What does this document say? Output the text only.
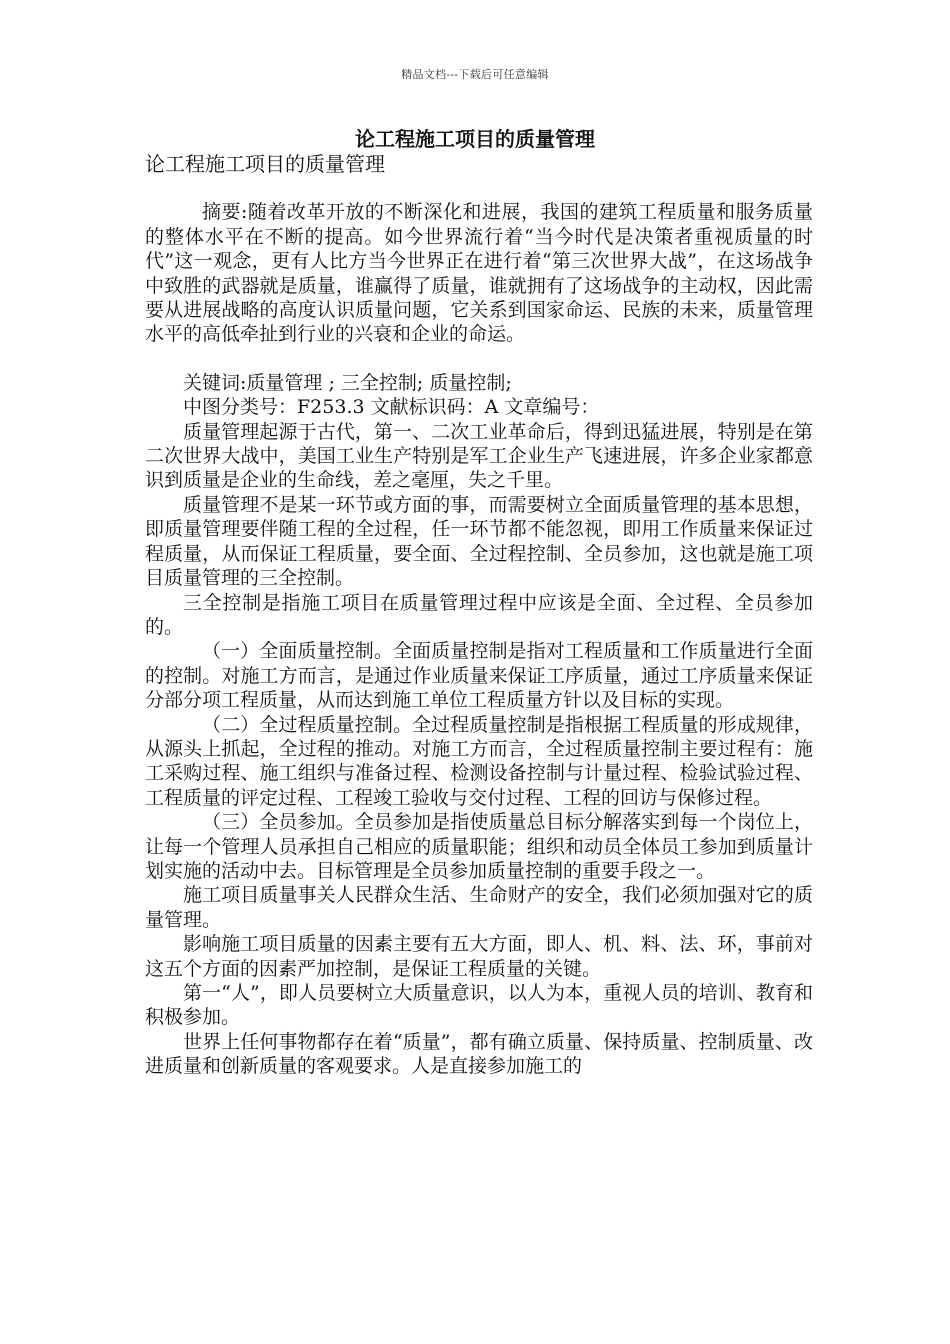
精品文档---下载后可任意编辑
论工程施工项目的质量管理

论工程施工项目的质量管理

摘要:随着改革开放的不断深化和进展，我国的建筑工程质量和服务质量的整体水平在不断的提高。如今世界流行着“当今时代是决策者重视质量的时代”这一观念，更有人比方当今世界正在进行着“第三次世界大战”，在这场战争中致胜的武器就是质量，谁赢得了质量，谁就拥有了这场战争的主动权，因此需要从进展战略的高度认识质量问题，它关系到国家命运、民族的未来，质量管理水平的高低牵扯到行业的兴衰和企业的命运。

关键词:质量管理 ; 三全控制; 质量控制;

中图分类号：F253.3 文献标识码：A 文章编号：

质量管理起源于古代，第一、二次工业革命后，得到迅猛进展，特别是在第二次世界大战中，美国工业生产特别是军工企业生产飞速进展，许多企业家都意识到质量是企业的生命线，差之毫厘，失之千里。

质量管理不是某一环节或方面的事，而需要树立全面质量管理的基本思想，即质量管理要伴随工程的全过程，任一环节都不能忽视，即用工作质量来保证过程质量，从而保证工程质量，要全面、全过程控制、全员参加，这也就是施工项目质量管理的三全控制。

三全控制是指施工项目在质量管理过程中应该是全面、全过程、全员参加的。

（一）全面质量控制。全面质量控制是指对工程质量和工作质量进行全面的控制。对施工方而言，是通过作业质量来保证工序质量，通过工序质量来保证分部分项工程质量，从而达到施工单位工程质量方针以及目标的实现。

（二）全过程质量控制。全过程质量控制是指根据工程质量的形成规律，从源头上抓起，全过程的推动。对施工方而言，全过程质量控制主要过程有：施工采购过程、施工组织与准备过程、检测设备控制与计量过程、检验试验过程、工程质量的评定过程、工程竣工验收与交付过程、工程的回访与保修过程。

（三）全员参加。全员参加是指使质量总目标分解落实到每一个岗位上，让每一个管理人员承担自己相应的质量职能；组织和动员全体员工参加到质量计划实施的活动中去。目标管理是全员参加质量控制的重要手段之一。

施工项目质量事关人民群众生活、生命财产的安全，我们必须加强对它的质量管理。

影响施工项目质量的因素主要有五大方面，即人、机、料、法、环，事前对这五个方面的因素严加控制，是保证工程质量的关键。

第一“人”，即人员要树立大质量意识，以人为本，重视人员的培训、教育和积极参加。

世界上任何事物都存在着“质量”，都有确立质量、保持质量、控制质量、改进质量和创新质量的客观要求。人是直接参加施工的
